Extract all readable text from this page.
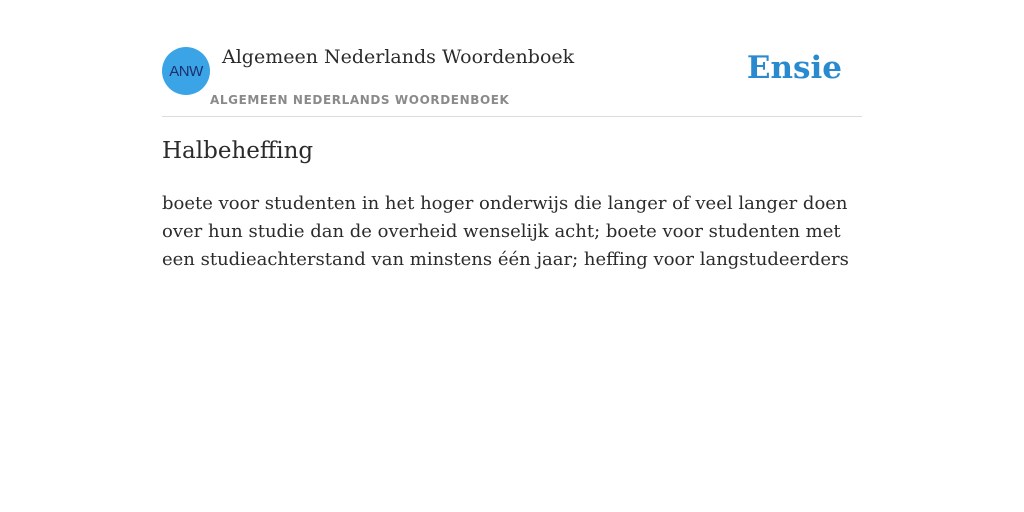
ANW
Algemeen Nederlands Woordenboek
ALGEMEEN NEDERLANDS WOORDENBOEK
Ensie
Halbeheffing

boete voor studenten in het hoger onderwijs die langer of veel langer doen over hun studie dan de overheid wenselijk acht; boete voor studenten met een studieachterstand van minstens één jaar; heffing voor langstudeerders
